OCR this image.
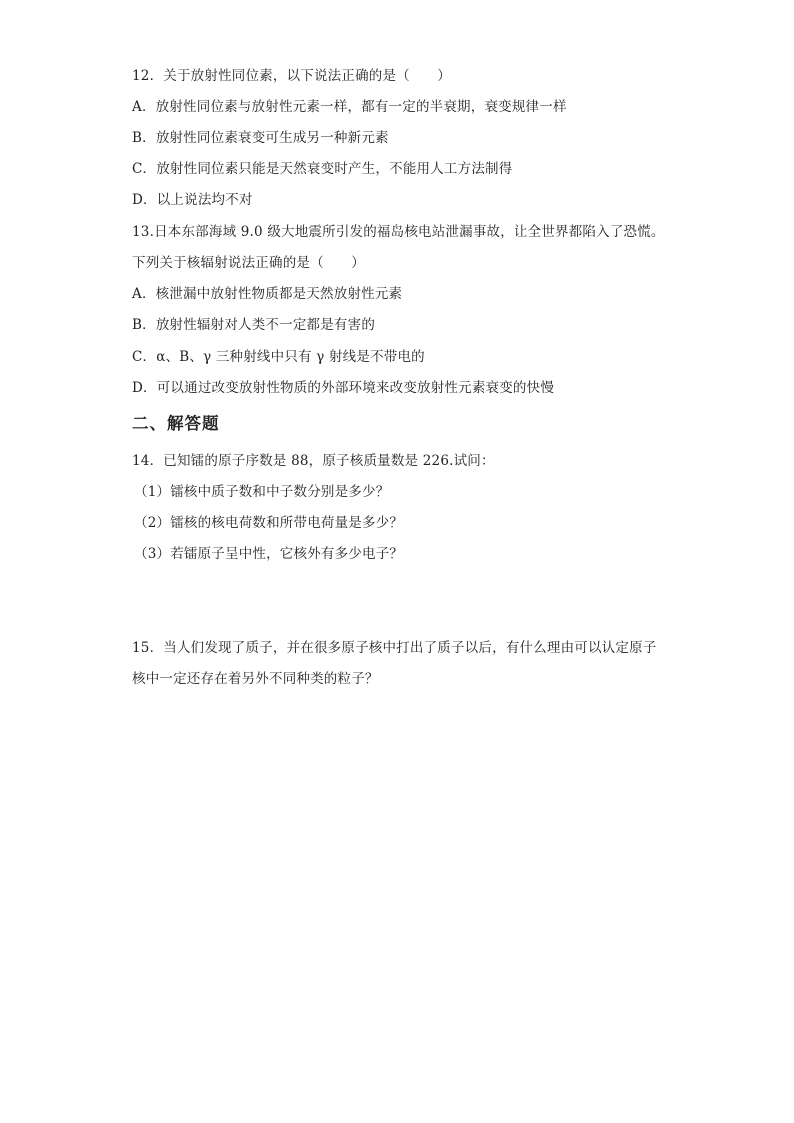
12．关于放射性同位素，以下说法正确的是（　　）
A．放射性同位素与放射性元素一样，都有一定的半衰期，衰变规律一样
B．放射性同位素衰变可生成另一种新元素
C．放射性同位素只能是天然衰变时产生，不能用人工方法制得
D．以上说法均不对
13.日本东部海域 9.0 级大地震所引发的福岛核电站泄漏事故，让全世界都陷入了恐慌。
下列关于核辐射说法正确的是（　　）
A．核泄漏中放射性物质都是天然放射性元素
B．放射性辐射对人类不一定都是有害的
C．α、Β、γ 三种射线中只有 γ 射线是不带电的
D．可以通过改变放射性物质的外部环境来改变放射性元素衰变的快慢
二、解答题
14．已知镭的原子序数是 88，原子核质量数是 226.试问：
（1）镭核中质子数和中子数分别是多少？
（2）镭核的核电荷数和所带电荷量是多少？
（3）若镭原子呈中性，它核外有多少电子？
15．当人们发现了质子，并在很多原子核中打出了质子以后，有什么理由可以认定原子
核中一定还存在着另外不同种类的粒子？
